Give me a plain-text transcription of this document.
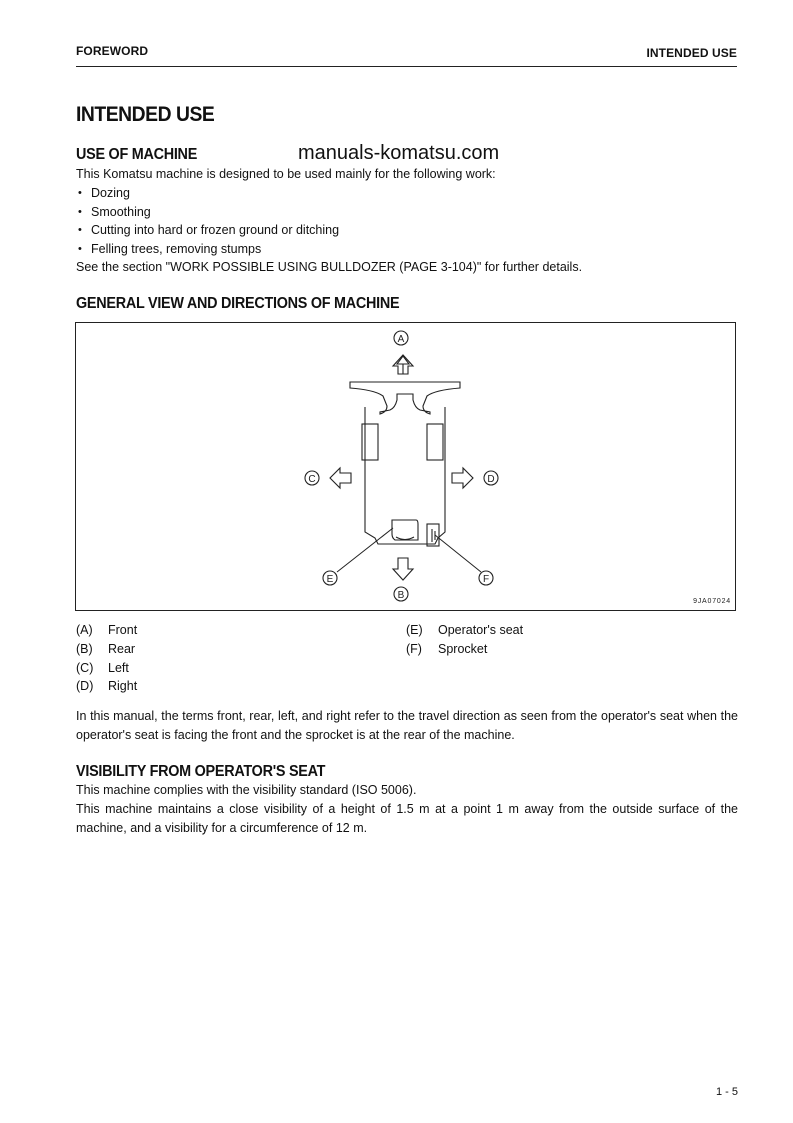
FOREWORD	INTENDED USE
INTENDED USE
USE OF MACHINE	manuals-komatsu.com
This Komatsu machine is designed to be used mainly for the following work:
• Dozing
• Smoothing
• Cutting into hard or frozen ground or ditching
• Felling trees, removing stumps
See the section "WORK POSSIBLE USING BULLDOZER (PAGE 3-104)" for further details.
GENERAL VIEW AND DIRECTIONS OF MACHINE
A
B
C	D
E	F
9JA07024
(A) Front
(B) Rear
(C) Left
(D) Right
(E) Operator's seat
(F) Sprocket
In this manual, the terms front, rear, left, and right refer to the travel direction as seen from the operator's seat when the operator's seat is facing the front and the sprocket is at the rear of the machine.
VISIBILITY FROM OPERATOR'S SEAT
This machine complies with the visibility standard (ISO 5006).
This machine maintains a close visibility of a height of 1.5 m at a point 1 m away from the outside surface of the machine, and a visibility for a circumference of 12 m.
1 - 5
